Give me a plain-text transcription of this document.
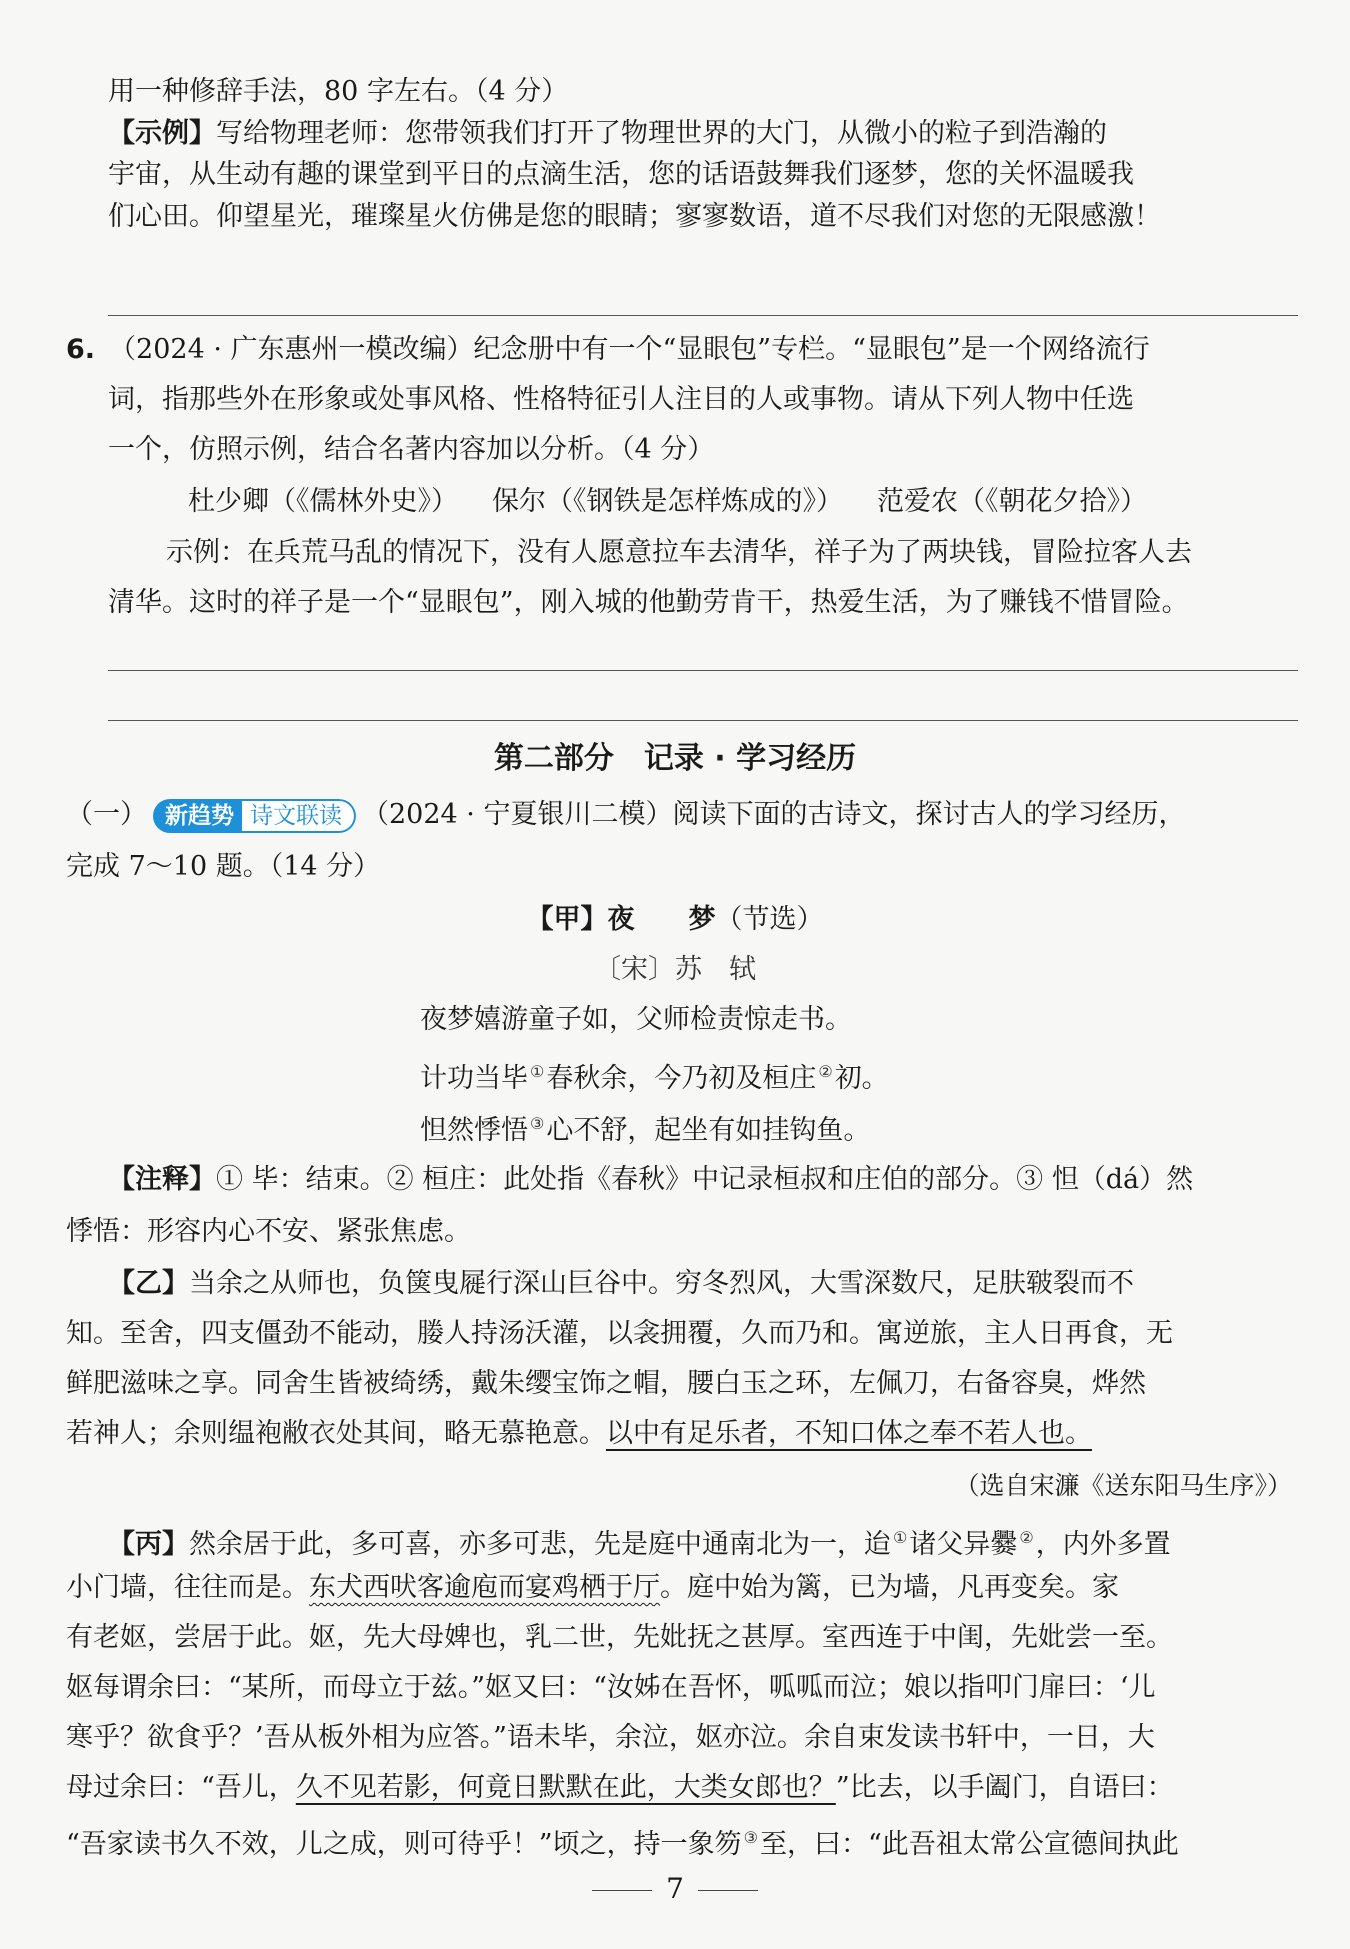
用一种修辞手法，80 字左右。（4 分）
【示例】写给物理老师：您带领我们打开了物理世界的大门，从微小的粒子到浩瀚的
宇宙，从生动有趣的课堂到平日的点滴生活，您的话语鼓舞我们逐梦，您的关怀温暖我
们心田。仰望星光，璀璨星火仿佛是您的眼睛；寥寥数语，道不尽我们对您的无限感激！
6. （2024 · 广东惠州一模改编）纪念册中有一个“显眼包”专栏。“显眼包”是一个网络流行
词，指那些外在形象或处事风格、性格特征引人注目的人或事物。请从下列人物中任选
一个，仿照示例，结合名著内容加以分析。（4 分）
杜少卿（《儒林外史》） 保尔（《钢铁是怎样炼成的》） 范爱农（《朝花夕拾》）
示例：在兵荒马乱的情况下，没有人愿意拉车去清华，祥子为了两块钱，冒险拉客人去
清华。这时的祥子是一个“显眼包”，刚入城的他勤劳肯干，热爱生活，为了赚钱不惜冒险。
第二部分　记录 · 学习经历
（一） 新趋势 诗文联读 （2024 · 宁夏银川二模）阅读下面的古诗文，探讨古人的学习经历，
完成 7～10 题。（14 分）
【甲】夜 梦（节选）
〔宋〕苏　轼
夜梦嬉游童子如，父师检责惊走书。
计功当毕 ①春秋余，今乃初及桓庄 ②初。
怛然悸悟 ③心不舒，起坐有如挂钩鱼。
【注释】① 毕：结束。② 桓庄：此处指《春秋》中记录桓叔和庄伯的部分。③ 怛（dá）然
悸悟：形容内心不安、紧张焦虑。
【乙】当余之从师也，负箧曳屣行深山巨谷中。穷冬烈风，大雪深数尺，足肤皲裂而不
知。至舍，四支僵劲不能动，媵人持汤沃灌，以衾拥覆，久而乃和。寓逆旅，主人日再食，无
鲜肥滋味之享。同舍生皆被绮绣，戴朱缨宝饰之帽，腰白玉之环，左佩刀，右备容臭，烨然
若神人；余则缊袍敝衣处其间，略无慕艳意。以中有足乐者，不知口体之奉不若人也。
（选自宋濂《送东阳马生序》）
【丙】然余居于此，多可喜，亦多可悲，先是庭中通南北为一，迨 ①诸父异爨 ②，内外多置
小门墙，往往而是。东犬西吠客逾庖而宴鸡栖于厅。庭中始为篱，已为墙，凡再变矣。家
有老妪，尝居于此。妪，先大母婢也，乳二世，先妣抚之甚厚。室西连于中闺，先妣尝一至。
妪每谓余曰：“某所，而母立于兹。”妪又曰：“汝姊在吾怀，呱呱而泣；娘以指叩门扉曰：‘儿
寒乎？欲食乎？’吾从板外相为应答。”语未毕，余泣，妪亦泣。余自束发读书轩中，一日，大
母过余曰：“吾儿，久不见若影，何竟日默默在此，大类女郎也？”比去，以手阖门，自语曰：
“吾家读书久不效，儿之成，则可待乎！”顷之，持一象笏 ③至，曰：“此吾祖太常公宣德间执此
7
